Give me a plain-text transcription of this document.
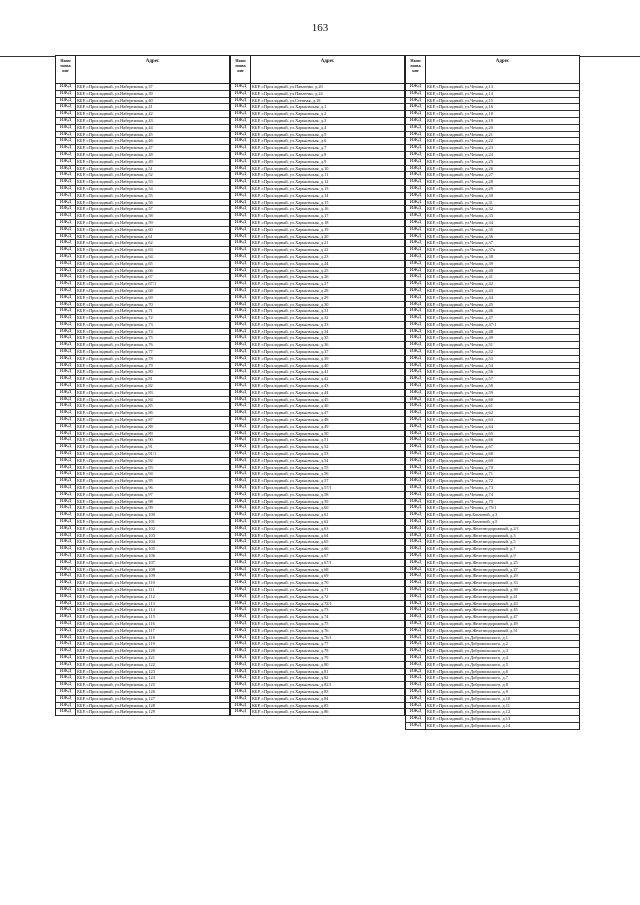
163
Наим
енова
ние
Адрес
ИЖД	КБР, г.Прохладный, ул.Набережная, д.37
ИЖД	КБР, г.Прохладный, ул.Набережная, д.39
ИЖД	КБР, г.Прохладный, ул.Набережная, д.40
ИЖД	КБР, г.Прохладный, ул.Набережная, д.41
ИЖД	КБР, г.Прохладный, ул.Набережная, д.42
ИЖД	КБР, г.Прохладный, ул.Набережная, д.43
ИЖД	КБР, г.Прохладный, ул.Набережная, д.44
ИЖД	КБР, г.Прохладный, ул.Набережная, д.45
ИЖД	КБР, г.Прохладный, ул.Набережная, д.46
ИЖД	КБР, г.Прохладный, ул.Набережная, д.47
ИЖД	КБР, г.Прохладный, ул.Набережная, д.48
ИЖД	КБР, г.Прохладный, ул.Набережная, д.49
ИЖД	КБР, г.Прохладный, ул.Набережная, д.51
ИЖД	КБР, г.Прохладный, ул.Набережная, д.52
ИЖД	КБР, г.Прохладный, ул.Набережная, д.53
ИЖД	КБР, г.Прохладный, ул.Набережная, д.54
ИЖД	КБР, г.Прохладный, ул.Набережная, д.55
ИЖД	КБР, г.Прохладный, ул.Набережная, д.56
ИЖД	КБР, г.Прохладный, ул.Набережная, д.57
ИЖД	КБР, г.Прохладный, ул.Набережная, д.58
ИЖД	КБР, г.Прохладный, ул.Набережная, д.59
ИЖД	КБР, г.Прохладный, ул.Набережная, д.60
ИЖД	КБР, г.Прохладный, ул.Набережная, д.61
ИЖД	КБР, г.Прохладный, ул.Набережная, д.62
ИЖД	КБР, г.Прохладный, ул.Набережная, д.63
ИЖД	КБР, г.Прохладный, ул.Набережная, д.64
ИЖД	КБР, г.Прохладный, ул.Набережная, д.65
ИЖД	КБР, г.Прохладный, ул.Набережная, д.66
ИЖД	КБР, г.Прохладный, ул.Набережная, д.67
ИЖД	КБР, г.Прохладный, ул.Набережная, д.67/1
ИЖД	КБР, г.Прохладный, ул.Набережная, д.68
ИЖД	КБР, г.Прохладный, ул.Набережная, д.69
ИЖД	КБР, г.Прохладный, ул.Набережная, д.70
ИЖД	КБР, г.Прохладный, ул.Набережная, д.71
ИЖД	КБР, г.Прохладный, ул.Набережная, д.72
ИЖД	КБР, г.Прохладный, ул.Набережная, д.73
ИЖД	КБР, г.Прохладный, ул.Набережная, д.74
ИЖД	КБР, г.Прохладный, ул.Набережная, д.75
ИЖД	КБР, г.Прохладный, ул.Набережная, д.76
ИЖД	КБР, г.Прохладный, ул.Набережная, д.77
ИЖД	КБР, г.Прохладный, ул.Набережная, д.78
ИЖД	КБР, г.Прохладный, ул.Набережная, д.79
ИЖД	КБР, г.Прохладный, ул.Набережная, д.80
ИЖД	КБР, г.Прохладный, ул.Набережная, д.81
ИЖД	КБР, г.Прохладный, ул.Набережная, д.82
ИЖД	КБР, г.Прохладный, ул.Набережная, д.83
ИЖД	КБР, г.Прохладный, ул.Набережная, д.84
ИЖД	КБР, г.Прохладный, ул.Набережная, д.85
ИЖД	КБР, г.Прохладный, ул.Набережная, д.86
ИЖД	КБР, г.Прохладный, ул.Набережная, д.87
ИЖД	КБР, г.Прохладный, ул.Набережная, д.88
ИЖД	КБР, г.Прохладный, ул.Набережная, д.89
ИЖД	КБР, г.Прохладный, ул.Набережная, д.90
ИЖД	КБР, г.Прохладный, ул.Набережная, д.91
ИЖД	КБР, г.Прохладный, ул.Набережная, д.91/1
ИЖД	КБР, г.Прохладный, ул.Набережная, д.92
ИЖД	КБР, г.Прохладный, ул.Набережная, д.93
ИЖД	КБР, г.Прохладный, ул.Набережная, д.94
ИЖД	КБР, г.Прохладный, ул.Набережная, д.95
ИЖД	КБР, г.Прохладный, ул.Набережная, д.96
ИЖД	КБР, г.Прохладный, ул.Набережная, д.97
ИЖД	КБР, г.Прохладный, ул.Набережная, д.98
ИЖД	КБР, г.Прохладный, ул.Набережная, д.99
ИЖД	КБР, г.Прохладный, ул.Набережная, д.100
ИЖД	КБР, г.Прохладный, ул.Набережная, д.101
ИЖД	КБР, г.Прохладный, ул.Набережная, д.102
ИЖД	КБР, г.Прохладный, ул.Набережная, д.103
ИЖД	КБР, г.Прохладный, ул.Набережная, д.104
ИЖД	КБР, г.Прохладный, ул.Набережная, д.105
ИЖД	КБР, г.Прохладный, ул.Набережная, д.106
ИЖД	КБР, г.Прохладный, ул.Набережная, д.107
ИЖД	КБР, г.Прохладный, ул.Набережная, д.108
ИЖД	КБР, г.Прохладный, ул.Набережная, д.109
ИЖД	КБР, г.Прохладный, ул.Набережная, д.110
ИЖД	КБР, г.Прохладный, ул.Набережная, д.111
ИЖД	КБР, г.Прохладный, ул.Набережная, д.112
ИЖД	КБР, г.Прохладный, ул.Набережная, д.113
ИЖД	КБР, г.Прохладный, ул.Набережная, д.114
ИЖД	КБР, г.Прохладный, ул.Набережная, д.115
ИЖД	КБР, г.Прохладный, ул.Набережная, д.116
ИЖД	КБР, г.Прохладный, ул.Набережная, д.117
ИЖД	КБР, г.Прохладный, ул.Набережная, д.118
ИЖД	КБР, г.Прохладный, ул.Набережная, д.119
ИЖД	КБР, г.Прохладный, ул.Набережная, д.120
ИЖД	КБР, г.Прохладный, ул.Набережная, д.121
ИЖД	КБР, г.Прохладный, ул.Набережная, д.122
ИЖД	КБР, г.Прохладный, ул.Набережная, д.123
ИЖД	КБР, г.Прохладный, ул.Набережная, д.124
ИЖД	КБР, г.Прохладный, ул.Набережная, д.125
ИЖД	КБР, г.Прохладный, ул.Набережная, д.126
ИЖД	КБР, г.Прохладный, ул.Набережная, д.127
ИЖД	КБР, г.Прохладный, ул.Набережная, д.128
ИЖД	КБР, г.Прохладный, ул.Набережная, д.129
Наим
енова
ние
Адрес
ИЖД	КБР, г.Прохладный, ул.Павленко, д.20
ИЖД	КБР, г.Прохладный, ул.Павленко, д.24
ИЖД	КБР, г.Прохладный, ул.Степная, д.18
ИЖД	КБР, г.Прохладный, ул.Харьковская, д.1
ИЖД	КБР, г.Прохладный, ул.Харьковская, д.2
ИЖД	КБР, г.Прохладный, ул.Харьковская, д.3
ИЖД	КБР, г.Прохладный, ул.Харьковская, д.4
ИЖД	КБР, г.Прохладный, ул.Харьковская, д.5
ИЖД	КБР, г.Прохладный, ул.Харьковская, д.6
ИЖД	КБР, г.Прохладный, ул.Харьковская, д.7
ИЖД	КБР, г.Прохладный, ул.Харьковская, д.8
ИЖД	КБР, г.Прохладный, ул.Харьковская, д.9
ИЖД	КБР, г.Прохладный, ул.Харьковская, д.10
ИЖД	КБР, г.Прохладный, ул.Харьковская, д.11
ИЖД	КБР, г.Прохладный, ул.Харьковская, д.12
ИЖД	КБР, г.Прохладный, ул.Харьковская, д.13
ИЖД	КБР, г.Прохладный, ул.Харьковская, д.14
ИЖД	КБР, г.Прохладный, ул.Харьковская, д.15
ИЖД	КБР, г.Прохладный, ул.Харьковская, д.16
ИЖД	КБР, г.Прохладный, ул.Харьковская, д.17
ИЖД	КБР, г.Прохладный, ул.Харьковская, д.18
ИЖД	КБР, г.Прохладный, ул.Харьковская, д.19
ИЖД	КБР, г.Прохладный, ул.Харьковская, д.20
ИЖД	КБР, г.Прохладный, ул.Харьковская, д.21
ИЖД	КБР, г.Прохладный, ул.Харьковская, д.22
ИЖД	КБР, г.Прохладный, ул.Харьковская, д.23
ИЖД	КБР, г.Прохладный, ул.Харьковская, д.24
ИЖД	КБР, г.Прохладный, ул.Харьковская, д.25
ИЖД	КБР, г.Прохладный, ул.Харьковская, д.26
ИЖД	КБР, г.Прохладный, ул.Харьковская, д.27
ИЖД	КБР, г.Прохладный, ул.Харьковская, д.28
ИЖД	КБР, г.Прохладный, ул.Харьковская, д.29
ИЖД	КБР, г.Прохладный, ул.Харьковская, д.30
ИЖД	КБР, г.Прохладный, ул.Харьковская, д.31
ИЖД	КБР, г.Прохладный, ул.Харьковская, д.32
ИЖД	КБР, г.Прохладный, ул.Харьковская, д.33
ИЖД	КБР, г.Прохладный, ул.Харьковская, д.34
ИЖД	КБР, г.Прохладный, ул.Харьковская, д.35
ИЖД	КБР, г.Прохладный, ул.Харьковская, д.36
ИЖД	КБР, г.Прохладный, ул.Харьковская, д.37
ИЖД	КБР, г.Прохладный, ул.Харьковская, д.39
ИЖД	КБР, г.Прохладный, ул.Харьковская, д.40
ИЖД	КБР, г.Прохладный, ул.Харьковская, д.41
ИЖД	КБР, г.Прохладный, ул.Харьковская, д.42
ИЖД	КБР, г.Прохладный, ул.Харьковская, д.43
ИЖД	КБР, г.Прохладный, ул.Харьковская, д.44
ИЖД	КБР, г.Прохладный, ул.Харьковская, д.45
ИЖД	КБР, г.Прохладный, ул.Харьковская, д.46
ИЖД	КБР, г.Прохладный, ул.Харьковская, д.47
ИЖД	КБР, г.Прохладный, ул.Харьковская, д.48
ИЖД	КБР, г.Прохладный, ул.Харьковская, д.49
ИЖД	КБР, г.Прохладный, ул.Харьковская, д.50
ИЖД	КБР, г.Прохладный, ул.Харьковская, д.51
ИЖД	КБР, г.Прохладный, ул.Харьковская, д.52
ИЖД	КБР, г.Прохладный, ул.Харьковская, д.53
ИЖД	КБР, г.Прохладный, ул.Харьковская, д.54
ИЖД	КБР, г.Прохладный, ул.Харьковская, д.55
ИЖД	КБР, г.Прохладный, ул.Харьковская, д.56
ИЖД	КБР, г.Прохладный, ул.Харьковская, д.57
ИЖД	КБР, г.Прохладный, ул.Харьковская, д.57/1
ИЖД	КБР, г.Прохладный, ул.Харьковская, д.58
ИЖД	КБР, г.Прохладный, ул.Харьковская, д.59
ИЖД	КБР, г.Прохладный, ул.Харьковская, д.60
ИЖД	КБР, г.Прохладный, ул.Харьковская, д.61
ИЖД	КБР, г.Прохладный, ул.Харьковская, д.62
ИЖД	КБР, г.Прохладный, ул.Харьковская, д.63
ИЖД	КБР, г.Прохладный, ул.Харьковская, д.64
ИЖД	КБР, г.Прохладный, ул.Харьковская, д.65
ИЖД	КБР, г.Прохладный, ул.Харьковская, д.66
ИЖД	КБР, г.Прохладный, ул.Харьковская, д.67
ИЖД	КБР, г.Прохладный, ул.Харьковская, д.67/1
ИЖД	КБР, г.Прохладный, ул.Харьковская, д.68
ИЖД	КБР, г.Прохладный, ул.Харьковская, д.69
ИЖД	КБР, г.Прохладный, ул.Харьковская, д.70
ИЖД	КБР, г.Прохладный, ул.Харьковская, д.71
ИЖД	КБР, г.Прохладный, ул.Харьковская, д.72
ИЖД	КБР, г.Прохладный, ул.Харьковская, д.72/1
ИЖД	КБР, г.Прохладный, ул.Харьковская, д.73
ИЖД	КБР, г.Прохладный, ул.Харьковская, д.74
ИЖД	КБР, г.Прохладный, ул.Харьковская, д.75
ИЖД	КБР, г.Прохладный, ул.Харьковская, д.76
ИЖД	КБР, г.Прохладный, ул.Харьковская, д.76/1
ИЖД	КБР, г.Прохладный, ул.Харьковская, д.77
ИЖД	КБР, г.Прохладный, ул.Харьковская, д.78
ИЖД	КБР, г.Прохладный, ул.Харьковская, д.79
ИЖД	КБР, г.Прохладный, ул.Харьковская, д.80
ИЖД	КБР, г.Прохладный, ул.Харьковская, д.81
ИЖД	КБР, г.Прохладный, ул.Харьковская, д.82
ИЖД	КБР, г.Прохладный, ул.Харьковская, д.82/1
ИЖД	КБР, г.Прохладный, ул.Харьковская, д.83
ИЖД	КБР, г.Прохладный, ул.Харьковская, д.84
ИЖД	КБР, г.Прохладный, ул.Харьковская, д.85
ИЖД	КБР, г.Прохладный, ул.Харьковская, д.86
Наим
енова
ние
Адрес
ИЖД	КБР, г.Прохладный, ул.Чехова, д.13
ИЖД	КБР, г.Прохладный, ул.Чехова, д.14
ИЖД	КБР, г.Прохладный, ул.Чехова, д.15
ИЖД	КБР, г.Прохладный, ул.Чехова, д.16
ИЖД	КБР, г.Прохладный, ул.Чехова, д.18
ИЖД	КБР, г.Прохладный, ул.Чехова, д.19
ИЖД	КБР, г.Прохладный, ул.Чехова, д.20
ИЖД	КБР, г.Прохладный, ул.Чехова, д.21
ИЖД	КБР, г.Прохладный, ул.Чехова, д.22
ИЖД	КБР, г.Прохладный, ул.Чехова, д.23
ИЖД	КБР, г.Прохладный, ул.Чехова, д.24
ИЖД	КБР, г.Прохладный, ул.Чехова, д.25
ИЖД	КБР, г.Прохладный, ул.Чехова, д.26
ИЖД	КБР, г.Прохладный, ул.Чехова, д.27
ИЖД	КБР, г.Прохладный, ул.Чехова, д.28
ИЖД	КБР, г.Прохладный, ул.Чехова, д.29
ИЖД	КБР, г.Прохладный, ул.Чехова, д.30
ИЖД	КБР, г.Прохладный, ул.Чехова, д.31
ИЖД	КБР, г.Прохладный, ул.Чехова, д.32
ИЖД	КБР, г.Прохладный, ул.Чехова, д.33
ИЖД	КБР, г.Прохладный, ул.Чехова, д.34
ИЖД	КБР, г.Прохладный, ул.Чехова, д.35
ИЖД	КБР, г.Прохладный, ул.Чехова, д.36
ИЖД	КБР, г.Прохладный, ул.Чехова, д.37
ИЖД	КБР, г.Прохладный, ул.Чехова, д.37а
ИЖД	КБР, г.Прохладный, ул.Чехова, д.38
ИЖД	КБР, г.Прохладный, ул.Чехова, д.39
ИЖД	КБР, г.Прохладный, ул.Чехова, д.40
ИЖД	КБР, г.Прохладный, ул.Чехова, д.41
ИЖД	КБР, г.Прохладный, ул.Чехова, д.42
ИЖД	КБР, г.Прохладный, ул.Чехова, д.43
ИЖД	КБР, г.Прохладный, ул.Чехова, д.44
ИЖД	КБР, г.Прохладный, ул.Чехова, д.45
ИЖД	КБР, г.Прохладный, ул.Чехова, д.46
ИЖД	КБР, г.Прохладный, ул.Чехова, д.47
ИЖД	КБР, г.Прохладный, ул.Чехова, д.47/1
ИЖД	КБР, г.Прохладный, ул.Чехова, д.48
ИЖД	КБР, г.Прохладный, ул.Чехова, д.49
ИЖД	КБР, г.Прохладный, ул.Чехова, д.51
ИЖД	КБР, г.Прохладный, ул.Чехова, д.52
ИЖД	КБР, г.Прохладный, ул.Чехова, д.53
ИЖД	КБР, г.Прохладный, ул.Чехова, д.54
ИЖД	КБР, г.Прохладный, ул.Чехова, д.56
ИЖД	КБР, г.Прохладный, ул.Чехова, д.57
ИЖД	КБР, г.Прохладный, ул.Чехова, д.58
ИЖД	КБР, г.Прохладный, ул.Чехова, д.59
ИЖД	КБР, г.Прохладный, ул.Чехова, д.60
ИЖД	КБР, г.Прохладный, ул.Чехова, д.61
ИЖД	КБР, г.Прохладный, ул.Чехова, д.62
ИЖД	КБР, г.Прохладный, ул.Чехова, д.63
ИЖД	КБР, г.Прохладный, ул.Чехова, д.64
ИЖД	КБР, г.Прохладный, ул.Чехова, д.65
ИЖД	КБР, г.Прохладный, ул.Чехова, д.66
ИЖД	КБР, г.Прохладный, ул.Чехова, д.67
ИЖД	КБР, г.Прохладный, ул.Чехова, д.68
ИЖД	КБР, г.Прохладный, ул.Чехова, д.69
ИЖД	КБР, г.Прохладный, ул.Чехова, д.70
ИЖД	КБР, г.Прохладный, ул.Чехова, д.71
ИЖД	КБР, г.Прохладный, ул.Чехова, д.72
ИЖД	КБР, г.Прохладный, ул.Чехова, д.73
ИЖД	КБР, г.Прохладный, ул.Чехова, д.74
ИЖД	КБР, г.Прохладный, ул.Чехова, д.75
ИЖД	КБР, г.Прохладный, ул.Чехова, д.75/1
ИЖД	КБР, г.Прохладный, пер.Бахчевой, д.3
ИЖД	КБР, г.Прохладный, пер.Бахчевой, д.5
ИЖД	КБР, г.Прохладный, пер.Железнодорожный, д.2/1
ИЖД	КБР, г.Прохладный, пер.Железнодорожный, д.3
ИЖД	КБР, г.Прохладный, пер.Железнодорожный, д.5
ИЖД	КБР, г.Прохладный, пер.Железнодорожный, д.7
ИЖД	КБР, г.Прохладный, пер.Железнодорожный, д.9
ИЖД	КБР, г.Прохладный, пер.Железнодорожный, д.25
ИЖД	КБР, г.Прохладный, пер.Железнодорожный, д.27
ИЖД	КБР, г.Прохладный, пер.Железнодорожный, д.29
ИЖД	КБР, г.Прохладный, пер.Железнодорожный, д.33
ИЖД	КБР, г.Прохладный, пер.Железнодорожный, д.39
ИЖД	КБР, г.Прохладный, пер.Железнодорожный, д.41
ИЖД	КБР, г.Прохладный, пер.Железнодорожный, д.43
ИЖД	КБР, г.Прохладный, пер.Железнодорожный, д.45
ИЖД	КБР, г.Прохладный, пер.Железнодорожный, д.47
ИЖД	КБР, г.Прохладный, пер.Железнодорожный, д.49
ИЖД	КБР, г.Прохладный, пер.Железнодорожный, д.51
ИЖД	КБР, г.Прохладный, ул.Добровольского, д.1
ИЖД	КБР, г.Прохладный, ул.Добровольского, д.2
ИЖД	КБР, г.Прохладный, ул.Добровольского, д.3
ИЖД	КБР, г.Прохладный, ул.Добровольского, д.4
ИЖД	КБР, г.Прохладный, ул.Добровольского, д.5
ИЖД	КБР, г.Прохладный, ул.Добровольского, д.6
ИЖД	КБР, г.Прохладный, ул.Добровольского, д.7
ИЖД	КБР, г.Прохладный, ул.Добровольского, д.8
ИЖД	КБР, г.Прохладный, ул.Добровольского, д.9
ИЖД	КБР, г.Прохладный, ул.Добровольского, д.10
ИЖД	КБР, г.Прохладный, ул.Добровольского, д.11
ИЖД	КБР, г.Прохладный, ул.Добровольского, д.12
ИЖД	КБР, г.Прохладный, ул.Добровольского, д.13
ИЖД	КБР, г.Прохладный, ул.Добровольского, д.14
